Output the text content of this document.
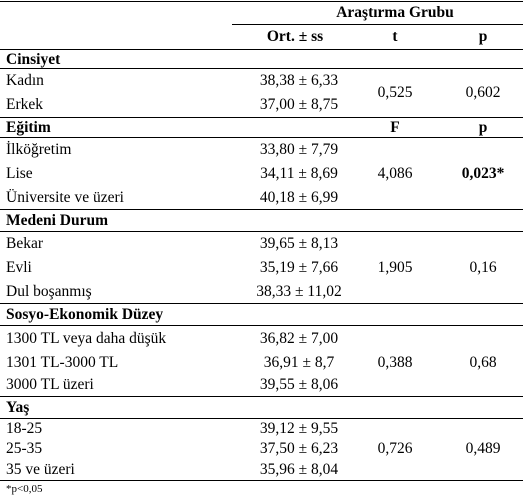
Araştırma Grubu
Ort. ± ss	t	p
Cinsiyet
Kadın	38,38 ± 6,33
Erkek	37,00 ± 8,75
0,525	0,602
Eğitim	F	p
İlköğretim	33,80 ± 7,79
Lise	34,11 ± 8,69
Üniversite ve üzeri	40,18 ± 6,99
4,086	0,023*
Medeni Durum
Bekar	39,65 ± 8,13
Evli	35,19 ± 7,66
Dul boşanmış	38,33 ± 11,02
1,905	0,16
Sosyo-Ekonomik Düzey
1300 TL veya daha düşük	36,82 ± 7,00
1301 TL-3000 TL	36,91 ± 8,7
3000 TL üzeri	39,55 ± 8,06
0,388	0,68
Yaş
18-25	39,12 ± 9,55
25-35	37,50 ± 6,23
35 ve üzeri	35,96 ± 8,04
0,726	0,489
*p<0,05
